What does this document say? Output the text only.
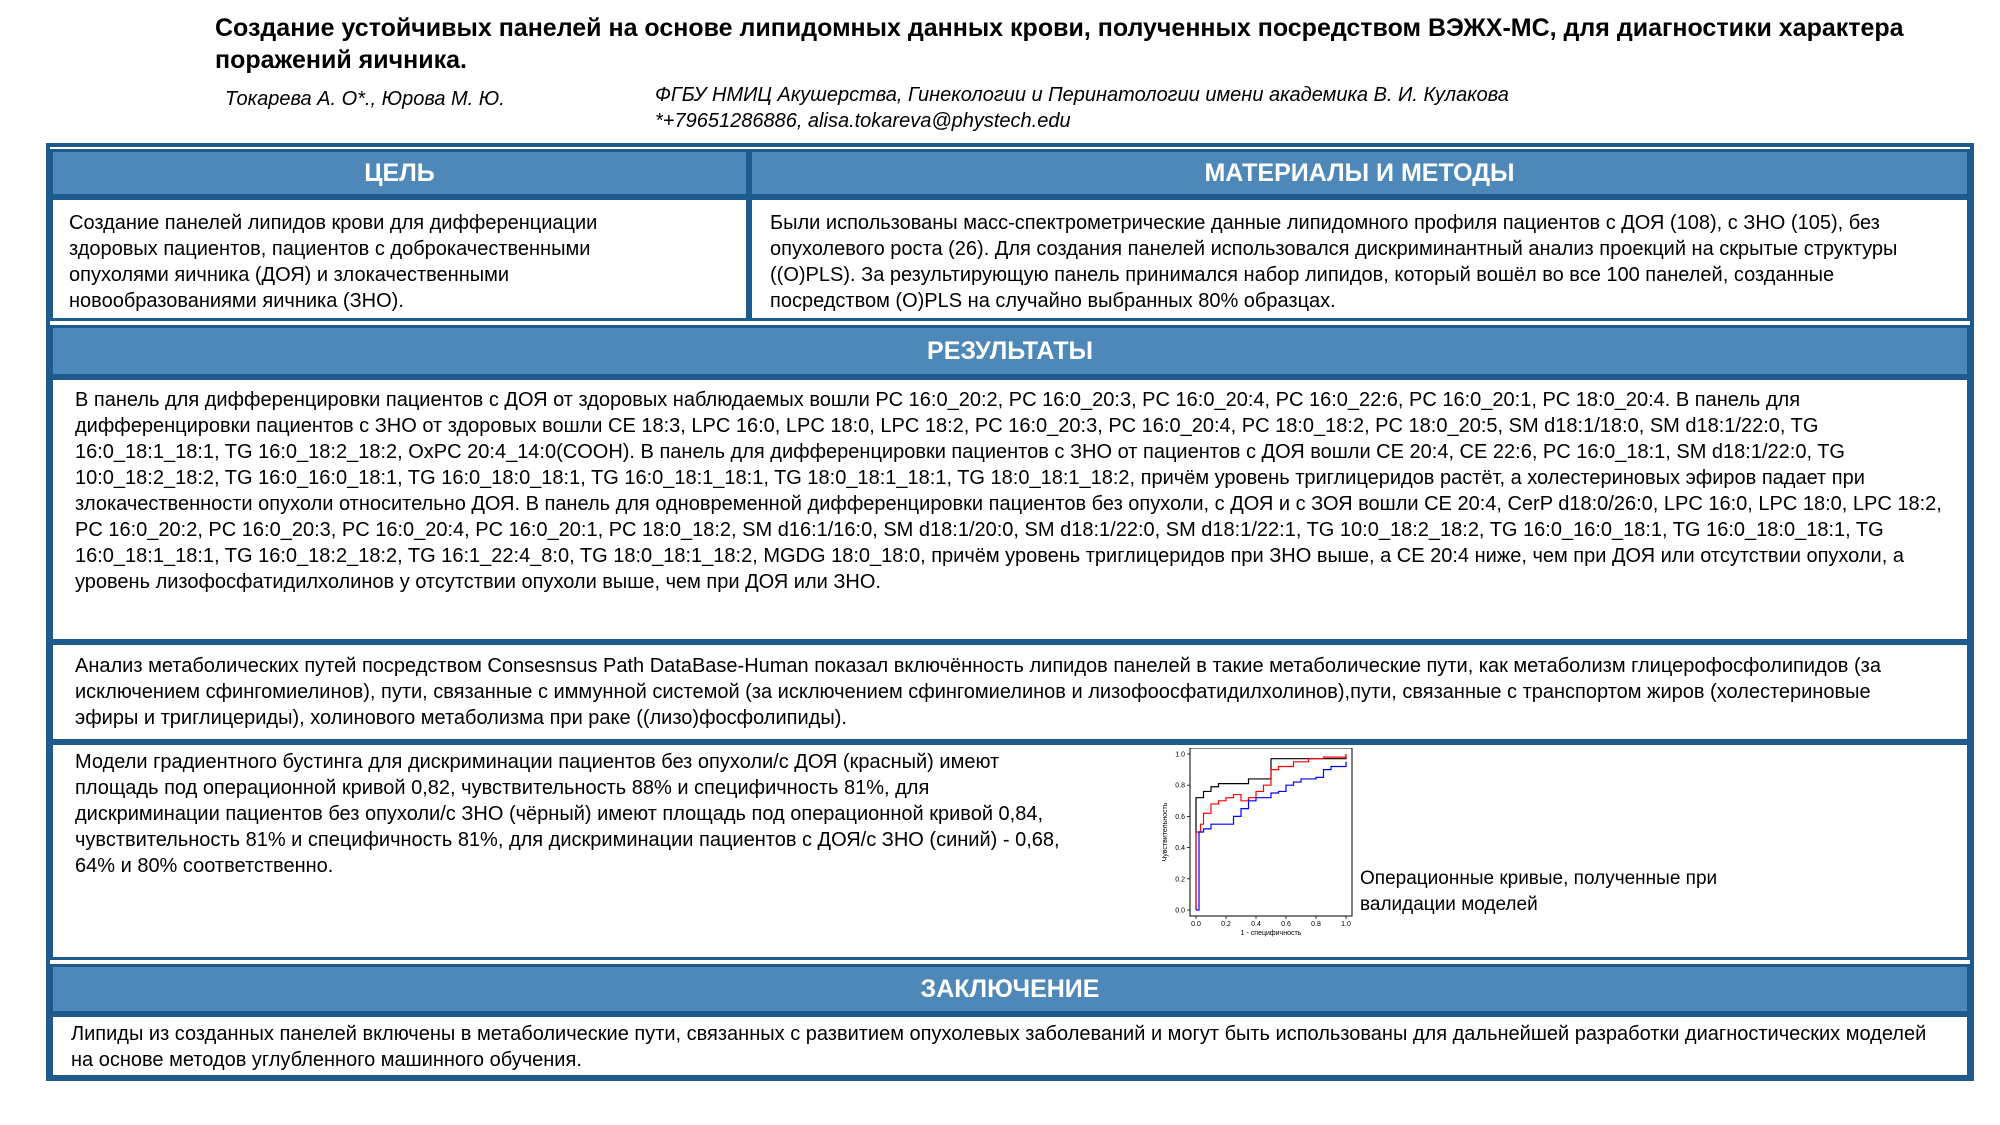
Создание устойчивых панелей на основе липидомных данных крови, полученных посредством ВЭЖХ-МС, для диагностики характера поражений яичника.
Токарева А. О*., Юрова М. Ю.	ФГБУ НМИЦ Акушерства, Гинекологии и Перинатологии имени академика В. И. Кулакова
*+79651286886, alisa.tokareva@phystech.edu
ЦЕЛЬ
Создание панелей липидов крови для дифференциации здоровых пациентов, пациентов с доброкачественными опухолями яичника (ДОЯ) и злокачественными новообразованиями яичника (ЗНО).
МАТЕРИАЛЫ И МЕТОДЫ
Были использованы масс-спектрометрические данные липидомного профиля пациентов с ДОЯ (108), с ЗНО (105), без опухолевого роста (26). Для создания панелей использовался дискриминантный анализ проекций на скрытые структуры ((О)PLS). За результирующую панель принимался набор липидов, который вошёл во все 100 панелей, созданные посредством (О)PLS на случайно выбранных 80% образцах.
РЕЗУЛЬТАТЫ
В панель для дифференцировки пациентов с ДОЯ от здоровых наблюдаемых вошли PC 16:0_20:2, PC 16:0_20:3, PC 16:0_20:4, PC 16:0_22:6, PC 16:0_20:1, PC 18:0_20:4. В панель для дифференцировки пациентов с ЗНО от здоровых вошли CE 18:3, LPC 16:0, LPC 18:0, LPC 18:2, PC 16:0_20:3, PC 16:0_20:4, PC 18:0_18:2, PC 18:0_20:5, SM d18:1/18:0, SM d18:1/22:0, TG 16:0_18:1_18:1, TG 16:0_18:2_18:2, OxPC 20:4_14:0(COOH). В панель для дифференцировки пациентов с ЗНО от пациентов с ДОЯ вошли CE 20:4, CE 22:6, PC 16:0_18:1, SM d18:1/22:0, TG 10:0_18:2_18:2, TG 16:0_16:0_18:1, TG 16:0_18:0_18:1, TG 16:0_18:1_18:1, TG 18:0_18:1_18:1, TG 18:0_18:1_18:2, причём уровень триглицеридов растёт, а холестериновых эфиров падает при злокачественности опухоли относительно ДОЯ. В панель для одновременной дифференцировки пациентов без опухоли, с ДОЯ и с ЗОЯ вошли CE 20:4, CerP d18:0/26:0, LPC 16:0, LPC 18:0, LPC 18:2, PC 16:0_20:2, PC 16:0_20:3, PC 16:0_20:4, PC 16:0_20:1, PC 18:0_18:2, SM d16:1/16:0, SM d18:1/20:0, SM d18:1/22:0, SM d18:1/22:1, TG 10:0_18:2_18:2, TG 16:0_16:0_18:1, TG 16:0_18:0_18:1, TG 16:0_18:1_18:1, TG 16:0_18:2_18:2, TG 16:1_22:4_8:0, TG 18:0_18:1_18:2, MGDG 18:0_18:0, причём уровень триглицеридов при ЗНО выше, а CE 20:4 ниже, чем при ДОЯ или отсутствии опухоли, а уровень лизофосфатидилхолинов у отсутствии опухоли выше, чем при ДОЯ или ЗНО.
Анализ метаболических путей посредством Consesnsus Path DataBase-Human показал включённость липидов панелей в такие метаболические пути, как метаболизм глицерофосфолипидов (за исключением сфингомиелинов), пути, связанные с иммунной системой (за исключением сфингомиелинов и лизофоосфатидилхолинов),пути, связанные с транспортом жиров (холестериновые эфиры и триглицериды), холинового метаболизма при раке ((лизо)фосфолипиды).
Модели градиентного бустинга для дискриминации пациентов без опухоли/с ДОЯ (красный) имеют площадь под операционной кривой 0,82, чувствительность 88% и специфичность 81%, для дискриминации пациентов без опухоли/с ЗНО (чёрный) имеют площадь под операционной кривой 0,84, чувствительность 81% и специфичность 81%, для дискриминации пациентов с ДОЯ/с ЗНО (синий) - 0,68, 64% и 80% соответственно.
0.0	0.2	0.4	0.6	0.8	1.0
0.0
0.2
0.4
0.6
0.8
1.0
1 - специфичность
Чувствительность
Операционные кривые, полученные при валидации моделей
ЗАКЛЮЧЕНИЕ
Липиды из созданных панелей включены в метаболические пути, связанных с развитием опухолевых заболеваний и могут быть использованы для дальнейшей разработки диагностических моделей на основе методов углубленного машинного обучения.
